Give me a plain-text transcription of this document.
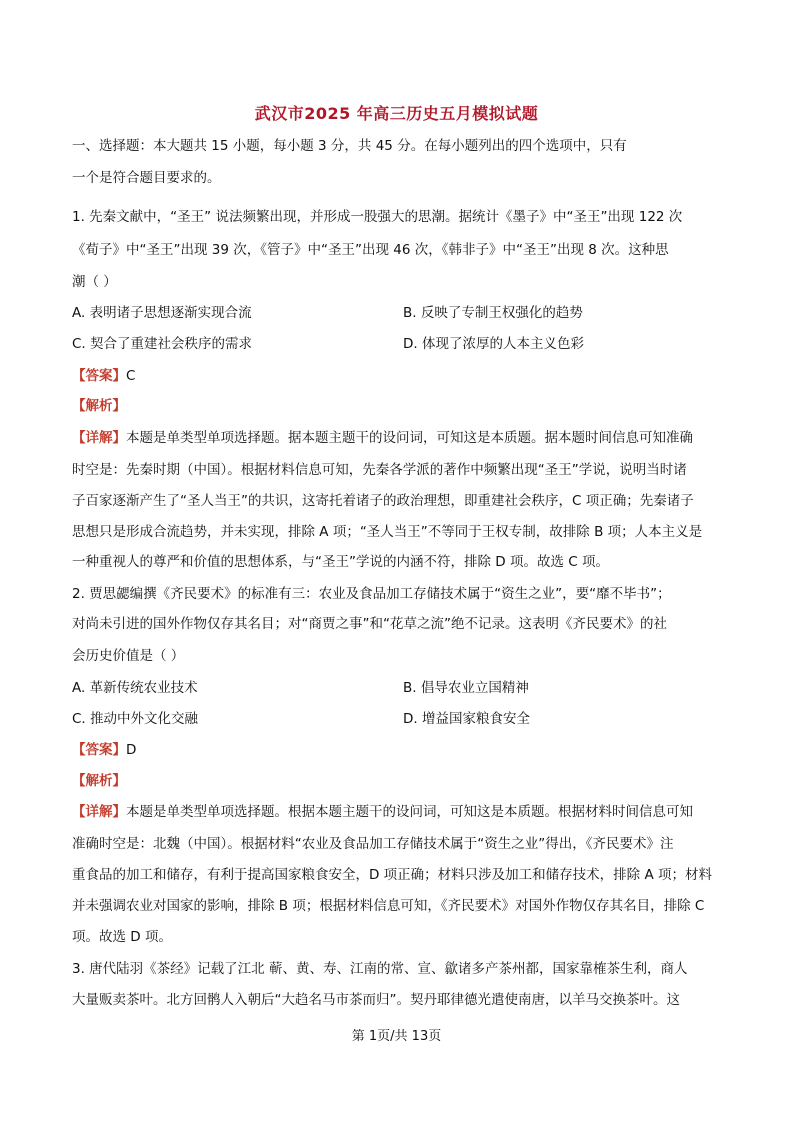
武汉市2025 年高三历史五月模拟试题
一、选择题：本大题共 15 小题，每小题 3 分，共 45 分。在每小题列出的四个选项中，只有
一个是符合题目要求的。
1. 先秦文献中，“圣王” 说法频繁出现，并形成一股强大的思潮。据统计《墨子》中“圣王”出现 122 次
《荀子》中“圣王”出现 39 次，《管子》中“圣王”出现 46 次，《韩非子》中“圣王”出现 8 次。这种思
潮（ ）
A. 表明诸子思想逐渐实现合流	B. 反映了专制王权强化的趋势
C. 契合了重建社会秩序的需求	D. 体现了浓厚的人本主义色彩
【答案】C
【解析】
【详解】本题是单类型单项选择题。据本题主题干的设问词，可知这是本质题。据本题时间信息可知准确
时空是：先秦时期（中国）。根据材料信息可知，先秦各学派的著作中频繁出现“圣王”学说，说明当时诸
子百家逐渐产生了“圣人当王”的共识，这寄托着诸子的政治理想，即重建社会秩序，C 项正确；先秦诸子
思想只是形成合流趋势，并未实现，排除 A 项；“圣人当王”不等同于王权专制，故排除 B 项；人本主义是
一种重视人的尊严和价值的思想体系，与“圣王”学说的内涵不符，排除 D 项。故选 C 项。
2. 贾思勰编撰《齐民要术》的标准有三：农业及食品加工存储技术属于“资生之业”，要“靡不毕书”；
对尚未引进的国外作物仅存其名目；对“商贾之事”和“花草之流”绝不记录。这表明《齐民要术》的社
会历史价值是（ ）
A. 革新传统农业技术	B. 倡导农业立国精神
C. 推动中外文化交融	D. 增益国家粮食安全
【答案】D
【解析】
【详解】本题是单类型单项选择题。根据本题主题干的设问词，可知这是本质题。根据材料时间信息可知
准确时空是：北魏（中国）。根据材料“农业及食品加工存储技术属于“资生之业”得出，《齐民要术》注
重食品的加工和储存，有利于提高国家粮食安全，D 项正确；材料只涉及加工和储存技术，排除 A 项；材料
并未强调农业对国家的影响，排除 B 项；根据材料信息可知，《齐民要术》对国外作物仅存其名目，排除 C
项。故选 D 项。
3. 唐代陆羽《茶经》记载了江北 蕲、黄、寿、江南的常、宣、歙诸多产茶州都，国家靠榷茶生利，商人
大量贩卖茶叶。北方回鹘人入朝后“大趋名马市茶而归”。契丹耶律德光遣使南唐，以羊马交换茶叶。这
第 1页/共 13页
